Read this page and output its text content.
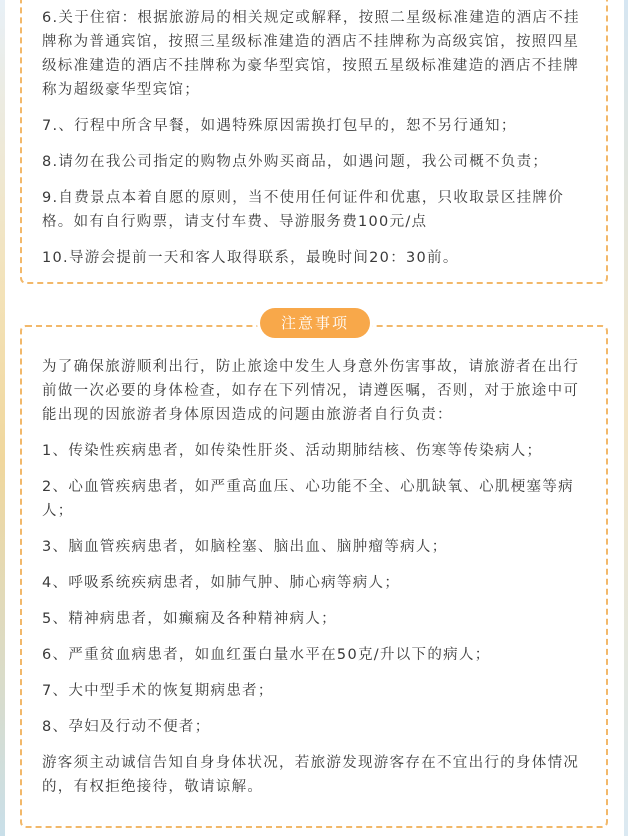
6.关于住宿：根据旅游局的相关规定或解释，按照二星级标准建造的酒店不挂牌称为普通宾馆，按照三星级标准建造的酒店不挂牌称为高级宾馆，按照四星级标准建造的酒店不挂牌称为豪华型宾馆，按照五星级标准建造的酒店不挂牌称为超级豪华型宾馆；

7.、行程中所含早餐，如遇特殊原因需换打包早的，恕不另行通知；

8.请勿在我公司指定的购物点外购买商品，如遇问题，我公司概不负责；

9.自费景点本着自愿的原则，当不使用任何证件和优惠，只收取景区挂牌价格。如有自行购票，请支付车费、导游服务费100元/点

10.导游会提前一天和客人取得联系，最晚时间20：30前。

为了确保旅游顺利出行，防止旅途中发生人身意外伤害事故，请旅游者在出行前做一次必要的身体检查，如存在下列情况，请遵医嘱，否则，对于旅途中可能出现的因旅游者身体原因造成的问题由旅游者自行负责：

1、传染性疾病患者，如传染性肝炎、活动期肺结核、伤寒等传染病人；

2、心血管疾病患者，如严重高血压、心功能不全、心肌缺氧、心肌梗塞等病人；

3、脑血管疾病患者，如脑栓塞、脑出血、脑肿瘤等病人；

4、呼吸系统疾病患者，如肺气肿、肺心病等病人；

5、精神病患者，如癫痫及各种精神病人；

6、严重贫血病患者，如血红蛋白量水平在50克/升以下的病人；

7、大中型手术的恢复期病患者；

8、孕妇及行动不便者；

游客须主动诚信告知自身身体状况，若旅游发现游客存在不宜出行的身体情况的，有权拒绝接待，敬请谅解。

注意事项
